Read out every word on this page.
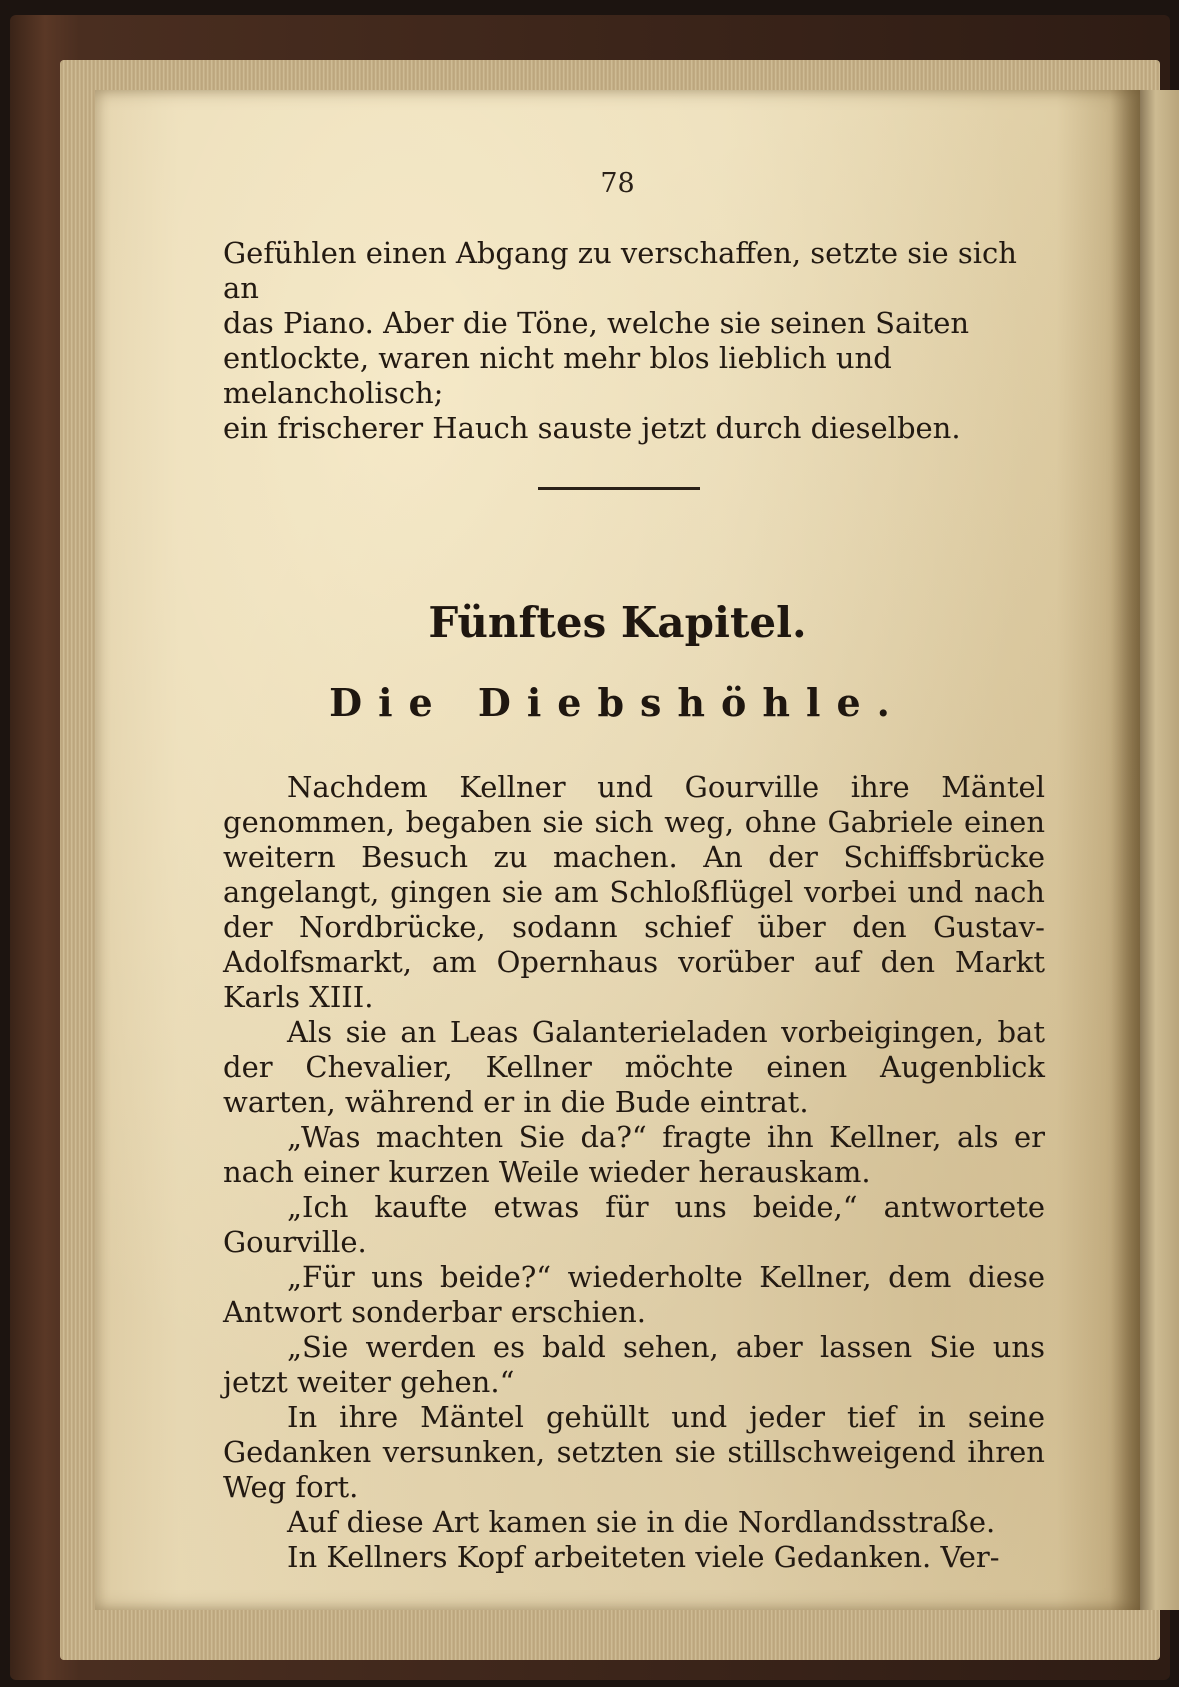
78

Gefühlen einen Abgang zu verschaffen, setzte sie sich an

das Piano. Aber die Töne, welche sie seinen Saiten

entlockte, waren nicht mehr blos lieblich und melancholisch;

ein frischerer Hauch sauste jetzt durch dieselben.

Fünftes Kapitel.
Die Diebshöhle.

Nachdem Kellner und Gourville ihre Mäntel genommen, begaben sie sich weg, ohne Gabriele einen weitern Besuch zu machen. An der Schiffsbrücke angelangt, gingen sie am Schloßflügel vorbei und nach der Nordbrücke, sodann schief über den Gustav-Adolfsmarkt, am Opernhaus vorüber auf den Markt Karls XIII.

Als sie an Leas Galanterieladen vorbeigingen, bat der Chevalier, Kellner möchte einen Augenblick warten, während er in die Bude eintrat.

„Was machten Sie da?“ fragte ihn Kellner, als er nach einer kurzen Weile wieder herauskam.

„Ich kaufte etwas für uns beide,“ antwortete Gourville.

„Für uns beide?“ wiederholte Kellner, dem diese Antwort sonderbar erschien.

„Sie werden es bald sehen, aber lassen Sie uns jetzt weiter gehen.“

In ihre Mäntel gehüllt und jeder tief in seine Gedanken versunken, setzten sie stillschweigend ihren Weg fort.

Auf diese Art kamen sie in die Nordlandsstraße.

In Kellners Kopf arbeiteten viele Gedanken. Ver-
